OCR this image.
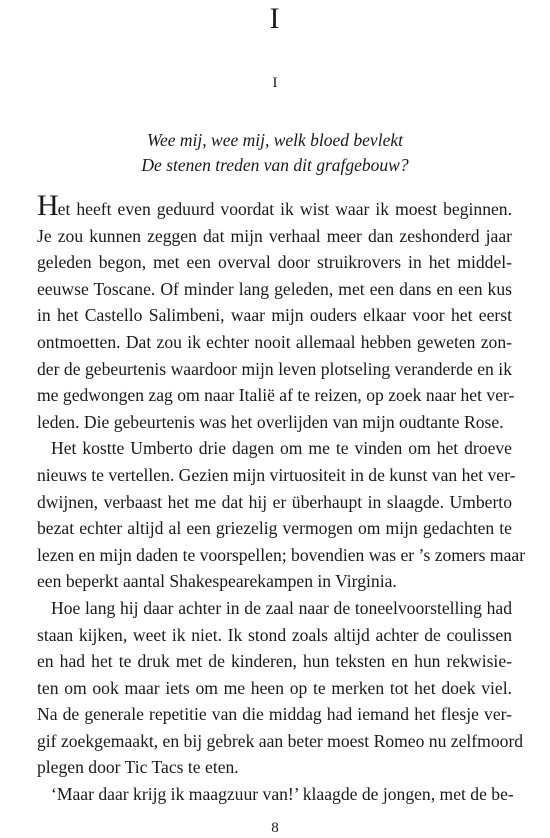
I
I
Wee mij, wee mij, welk bloed bevlekt
De stenen treden van dit grafgebouw?
Het heeft even geduurd voordat ik wist waar ik moest beginnen.
Je zou kunnen zeggen dat mijn verhaal meer dan zeshonderd jaar
geleden begon, met een overval door struikrovers in het middel-
eeuwse Toscane. Of minder lang geleden, met een dans en een kus
in het Castello Salimbeni, waar mijn ouders elkaar voor het eerst
ontmoetten. Dat zou ik echter nooit allemaal hebben geweten zon-
der de gebeurtenis waardoor mijn leven plotseling veranderde en ik
me gedwongen zag om naar Italië af te reizen, op zoek naar het ver-
leden. Die gebeurtenis was het overlijden van mijn oudtante Rose.
Het kostte Umberto drie dagen om me te vinden om het droeve
nieuws te vertellen. Gezien mijn virtuositeit in de kunst van het ver-
dwijnen, verbaast het me dat hij er überhaupt in slaagde. Umberto
bezat echter altijd al een griezelig vermogen om mijn gedachten te
lezen en mijn daden te voorspellen; bovendien was er ’s zomers maar
een beperkt aantal Shakespearekampen in Virginia.
Hoe lang hij daar achter in de zaal naar de toneelvoorstelling had
staan kijken, weet ik niet. Ik stond zoals altijd achter de coulissen
en had het te druk met de kinderen, hun teksten en hun rekwisie-
ten om ook maar iets om me heen op te merken tot het doek viel.
Na de generale repetitie van die middag had iemand het flesje ver-
gif zoekgemaakt, en bij gebrek aan beter moest Romeo nu zelfmoord
plegen door Tic Tacs te eten.
‘Maar daar krijg ik maagzuur van!’ klaagde de jongen, met de be-
8
